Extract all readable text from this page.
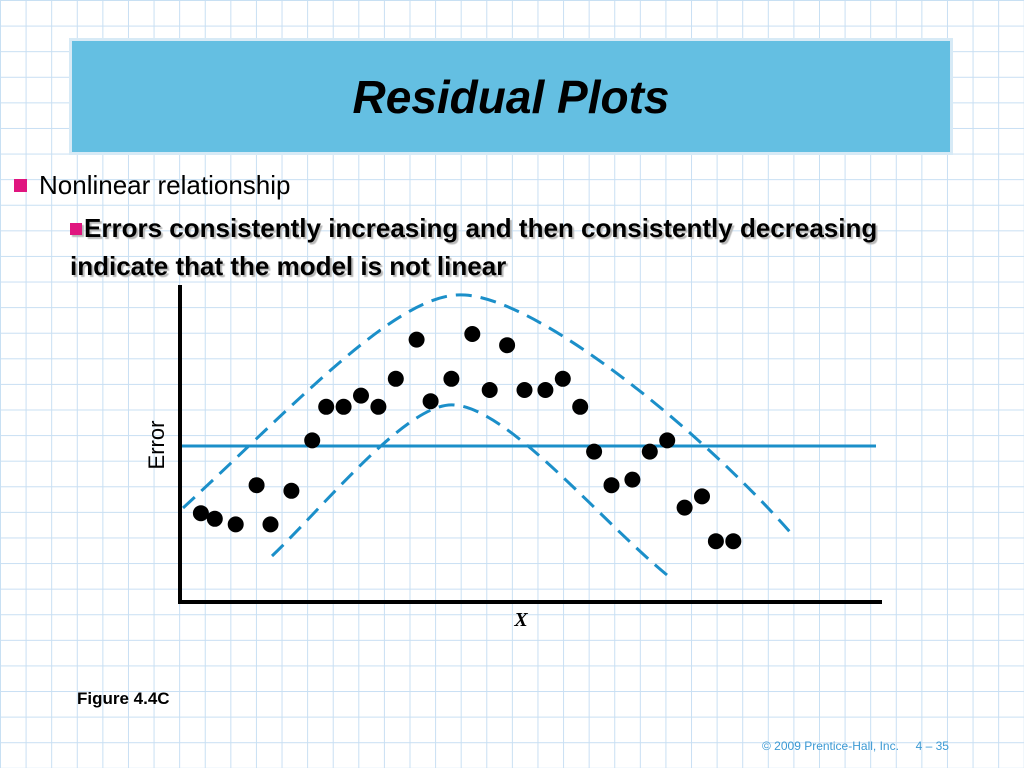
Residual Plots
Nonlinear relationship
Errors consistently increasing and then consistently decreasing indicate that the model is not linear
X
Error
Figure 4.4C
© 2009 Prentice-Hall, Inc.     4 – 35
